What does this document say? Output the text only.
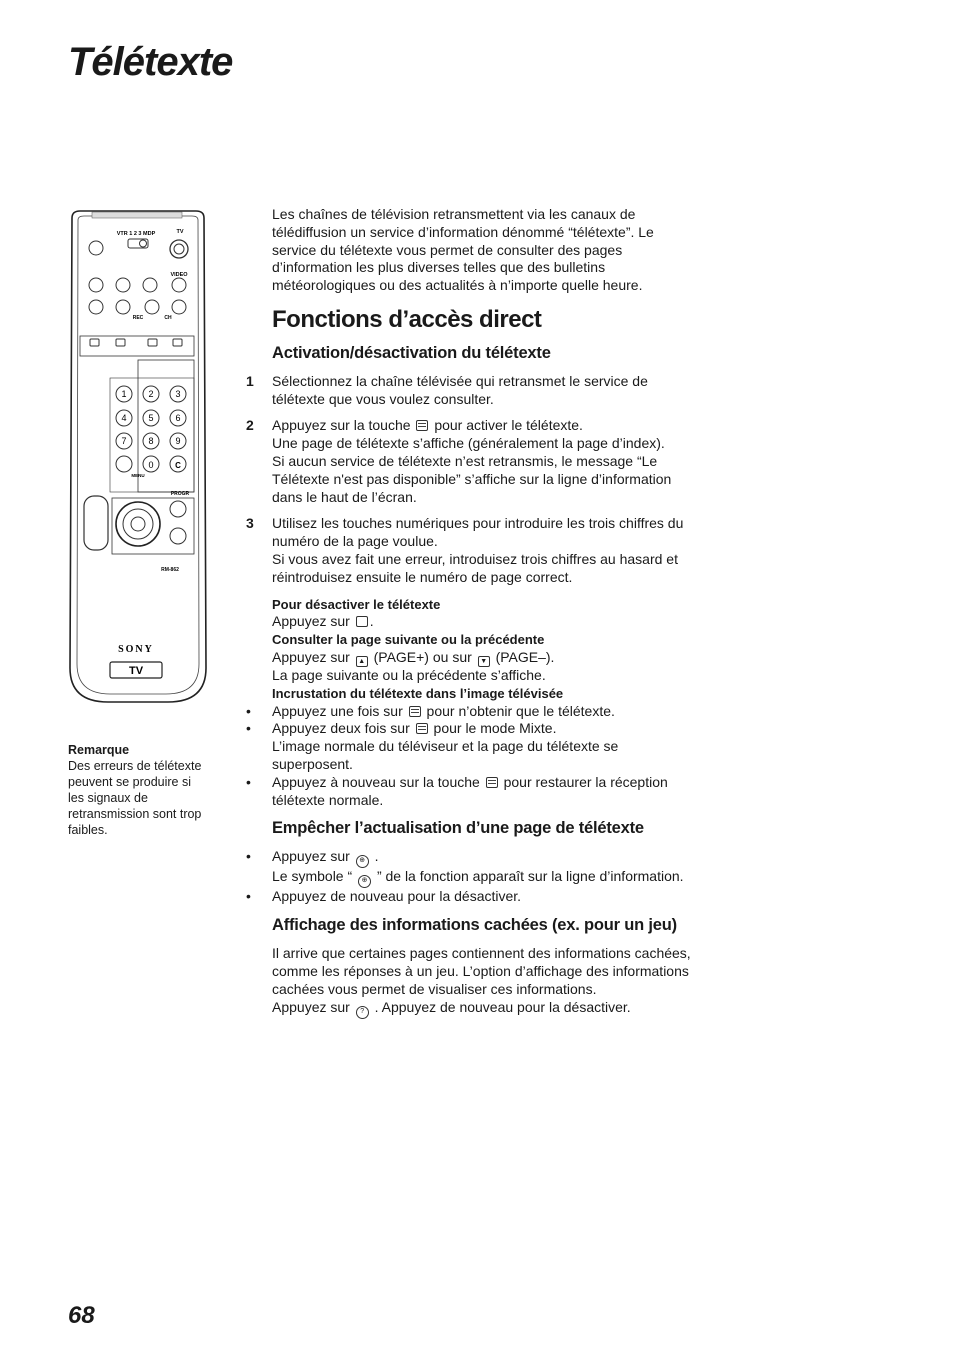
Télétexte
VTR 1 2 3 MDP	TV
VIDEO
REC	CH
1 2 3
4 5 6
7 8 9
0	C
MENU
PROGR
RM-862
SONY
TV
Remarque
Des erreurs de télétexte peuvent se produire si les signaux de retransmission sont trop faibles.

Les chaînes de télévision retransmettent via les canaux de télédiffusion un service d’information dénommé “télétexte”. Le service du télétexte vous permet de consulter des pages d’information les plus diverses telles que des bulletins météorologiques ou des actualités à n’importe quelle heure.

Fonctions d’accès direct
Activation/désactivation du télétexte
1 Sélectionnez la chaîne télévisée qui retransmet le service de télétexte que vous voulez consulter.

2 Appuyez sur la touche pour activer le télétexte.

Une page de télétexte s’affiche (généralement la page d’index).

Si aucun service de télétexte n’est retransmis, le message “Le Télétexte n'est pas disponible” s’affiche sur la ligne d’information dans le haut de l’écran.

3 Utilisez les touches numériques pour introduire les trois chiffres du numéro de la page voulue.

Si vous avez fait une erreur, introduisez trois chiffres au hasard et réintroduisez ensuite le numéro de page correct.

Pour désactiver le télétexte

Appuyez sur .

Consulter la page suivante ou la précédente

Appuyez sur ▲ (PAGE+) ou sur ▼ (PAGE–).

La page suivante ou la précédente s’affiche.

Incrustation du télétexte dans l’image télévisée

• Appuyez une fois sur pour n’obtenir que le télétexte.

• Appuyez deux fois sur pour le mode Mixte.

L’image normale du téléviseur et la page du télétexte se superposent.

• Appuyez à nouveau sur la touche pour restaurer la réception télétexte normale.

Empêcher l’actualisation d’une page de télétexte
• Appuyez sur ⊕ .

Le symbole “ ⊕ ” de la fonction apparaît sur la ligne d’information.

• Appuyez de nouveau pour la désactiver.

Affichage des informations cachées (ex. pour un jeu)

Il arrive que certaines pages contiennent des informations cachées, comme les réponses à un jeu. L’option d’affichage des informations cachées vous permet de visualiser ces informations.

Appuyez sur ? . Appuyez de nouveau pour la désactiver.

68
